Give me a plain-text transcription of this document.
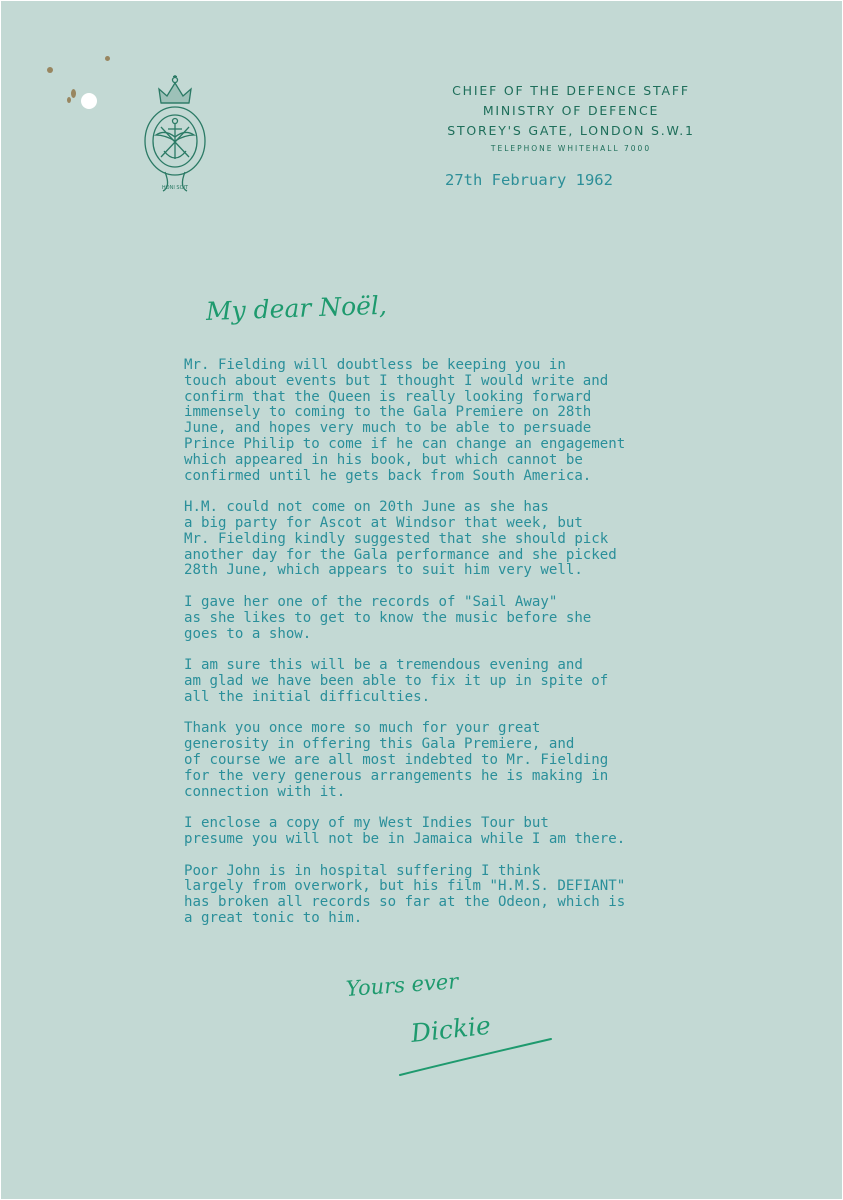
HONI SOIT
CHIEF OF THE DEFENCE STAFF
MINISTRY OF DEFENCE
STOREY'S GATE, LONDON S.W.1
TELEPHONE WHITEHALL 7000
27th February 1962
My dear Noël,

Mr. Fielding will doubtless be keeping you in
touch about events but I thought I would write and
confirm that the Queen is really looking forward
immensely to coming to the Gala Premiere on 28th
June, and hopes very much to be able to persuade
Prince Philip to come if he can change an engagement
which appeared in his book, but which cannot be
confirmed until he gets back from South America.

H.M. could not come on 20th June as she has
a big party for Ascot at Windsor that week, but
Mr. Fielding kindly suggested that she should pick
another day for the Gala performance and she picked
28th June, which appears to suit him very well.

I gave her one of the records of "Sail Away"
as she likes to get to know the music before she
goes to a show.

I am sure this will be a tremendous evening and
am glad we have been able to fix it up in spite of
all the initial difficulties.

Thank you once more so much for your great
generosity in offering this Gala Premiere, and
of course we are all most indebted to Mr. Fielding
for the very generous arrangements he is making in
connection with it.

I enclose a copy of my West Indies Tour but
presume you will not be in Jamaica while I am there.

Poor John is in hospital suffering I think
largely from overwork, but his film "H.M.S. DEFIANT"
has broken all records so far at the Odeon, which is
a great tonic to him.

Yours ever
Dickie
